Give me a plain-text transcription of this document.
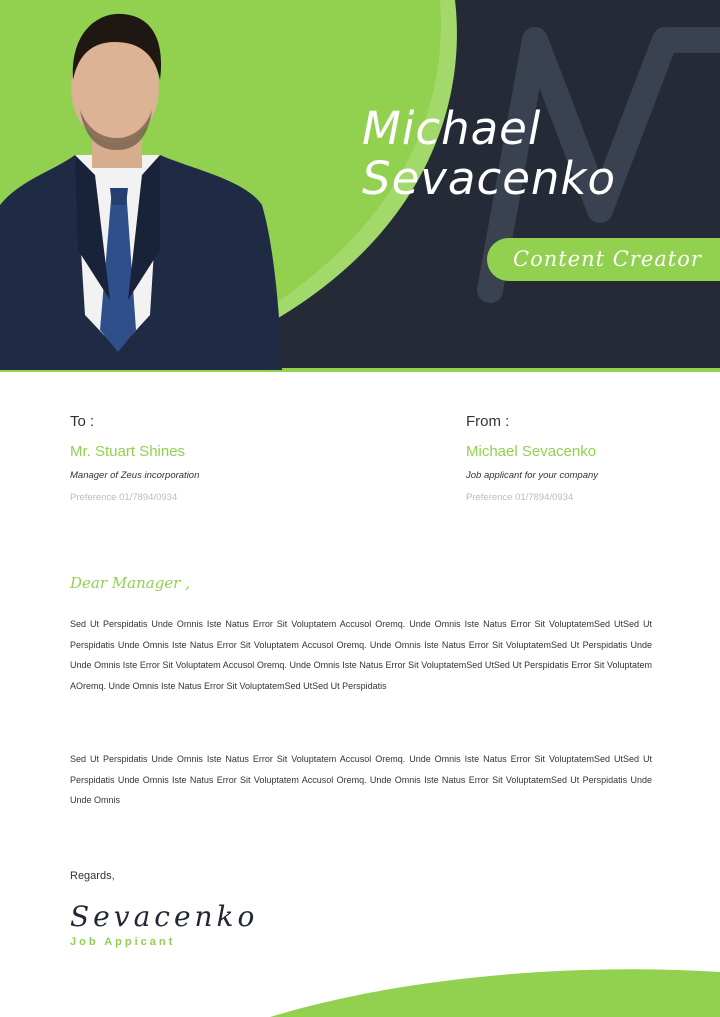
Michael
Sevacenko
Content Creator
To :
Mr. Stuart Shines
Manager of Zeus incorporation
Preference 01/7894/0934
From :
Michael Sevacenko
Job applicant for your company
Preference 01/7894/0934
Dear Manager ,

Sed Ut Perspidatis Unde Omnis Iste Natus Error Sit Voluptatem Accusol Oremq. Unde Omnis Iste Natus Error Sit VoluptatemSed UtSed Ut Perspidatis Unde Omnis Iste Natus Error Sit Voluptatem Accusol Oremq. Unde Omnis Iste Natus Error Sit VoluptatemSed Ut Perspidatis Unde Unde Omnis Iste Error Sit Voluptatem Accusol Oremq. Unde Omnis Iste Natus Error Sit VoluptatemSed UtSed Ut Perspidatis Error Sit Voluptatem AOremq. Unde Omnis Iste Natus Error Sit VoluptatemSed UtSed Ut Perspidatis

Sed Ut Perspidatis Unde Omnis Iste Natus Error Sit Voluptatem Accusol Oremq. Unde Omnis Iste Natus Error Sit VoluptatemSed UtSed Ut Perspidatis Unde Omnis Iste Natus Error Sit Voluptatem Accusol Oremq. Unde Omnis Iste Natus Error Sit VoluptatemSed Ut Perspidatis Unde Unde Omnis

Regards,
Sevacenko
Job Appicant
